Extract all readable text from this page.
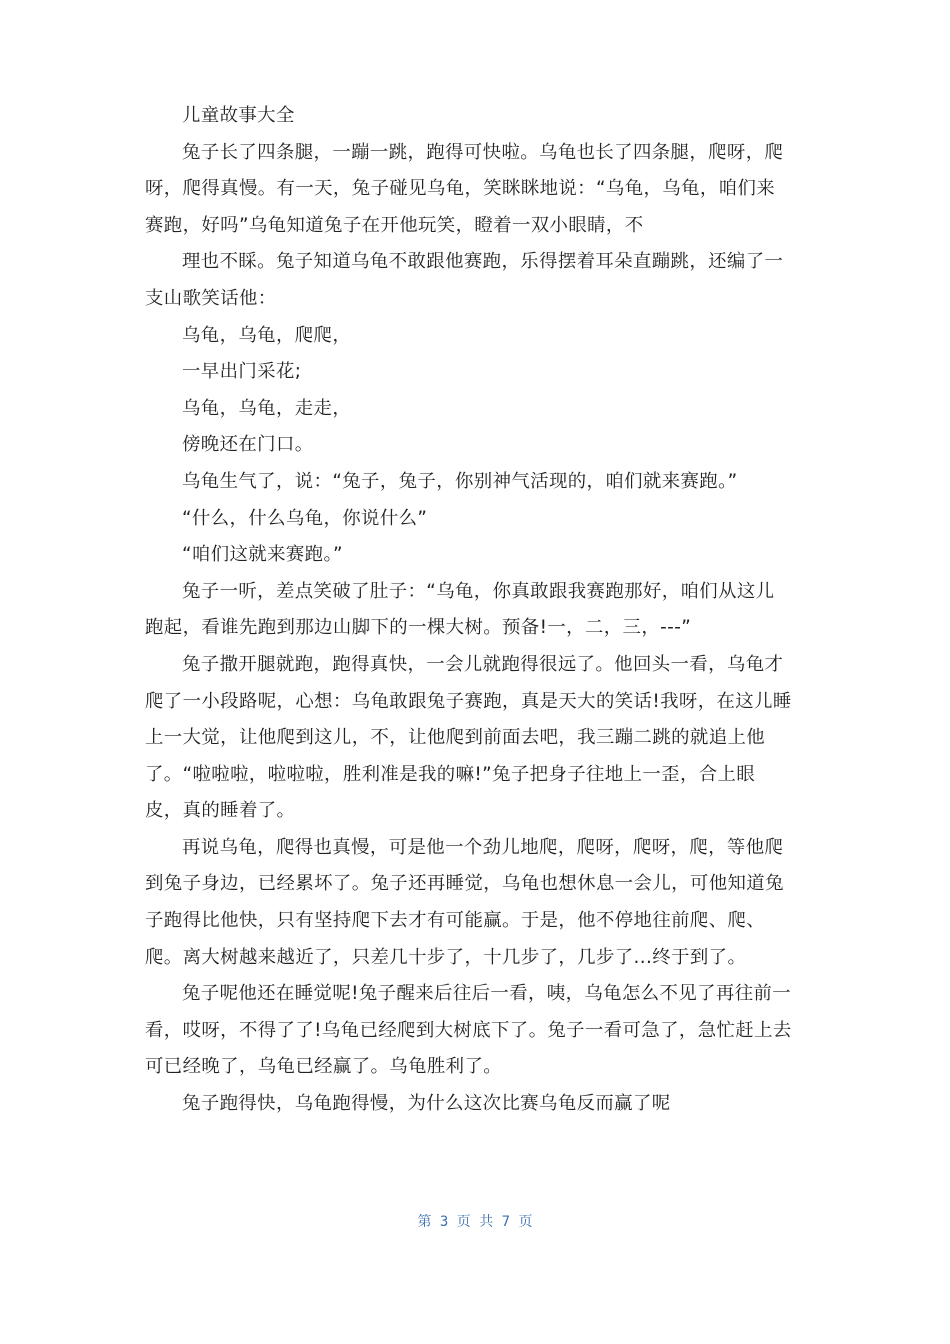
儿童故事大全
兔子长了四条腿，一蹦一跳，跑得可快啦。乌龟也长了四条腿，爬呀，爬
呀，爬得真慢。有一天，兔子碰见乌龟，笑眯眯地说：“乌龟，乌龟，咱们来
赛跑，好吗”乌龟知道兔子在开他玩笑，瞪着一双小眼睛，不
理也不睬。兔子知道乌龟不敢跟他赛跑，乐得摆着耳朵直蹦跳，还编了一
支山歌笑话他：
乌龟，乌龟，爬爬，
一早出门采花;
乌龟，乌龟，走走，
傍晚还在门口。
乌龟生气了，说：“兔子，兔子，你别神气活现的，咱们就来赛跑。”
“什么，什么乌龟，你说什么”
“咱们这就来赛跑。”
兔子一听，差点笑破了肚子：“乌龟，你真敢跟我赛跑那好，咱们从这儿
跑起，看谁先跑到那边山脚下的一棵大树。预备!一，二，三，---”
兔子撒开腿就跑，跑得真快，一会儿就跑得很远了。他回头一看，乌龟才
爬了一小段路呢，心想：乌龟敢跟兔子赛跑，真是天大的笑话!我呀，在这儿睡
上一大觉，让他爬到这儿，不，让他爬到前面去吧，我三蹦二跳的就追上他
了。“啦啦啦，啦啦啦，胜利准是我的嘛!”兔子把身子往地上一歪，合上眼
皮，真的睡着了。
再说乌龟，爬得也真慢，可是他一个劲儿地爬，爬呀，爬呀，爬，等他爬
到兔子身边，已经累坏了。兔子还再睡觉，乌龟也想休息一会儿，可他知道兔
子跑得比他快，只有坚持爬下去才有可能赢。于是，他不停地往前爬、爬、
爬。离大树越来越近了，只差几十步了，十几步了，几步了...终于到了。
兔子呢他还在睡觉呢!兔子醒来后往后一看，咦，乌龟怎么不见了再往前一
看，哎呀，不得了了!乌龟已经爬到大树底下了。兔子一看可急了，急忙赶上去
可已经晚了，乌龟已经赢了。乌龟胜利了。
兔子跑得快，乌龟跑得慢，为什么这次比赛乌龟反而赢了呢
第 3 页 共 7 页
